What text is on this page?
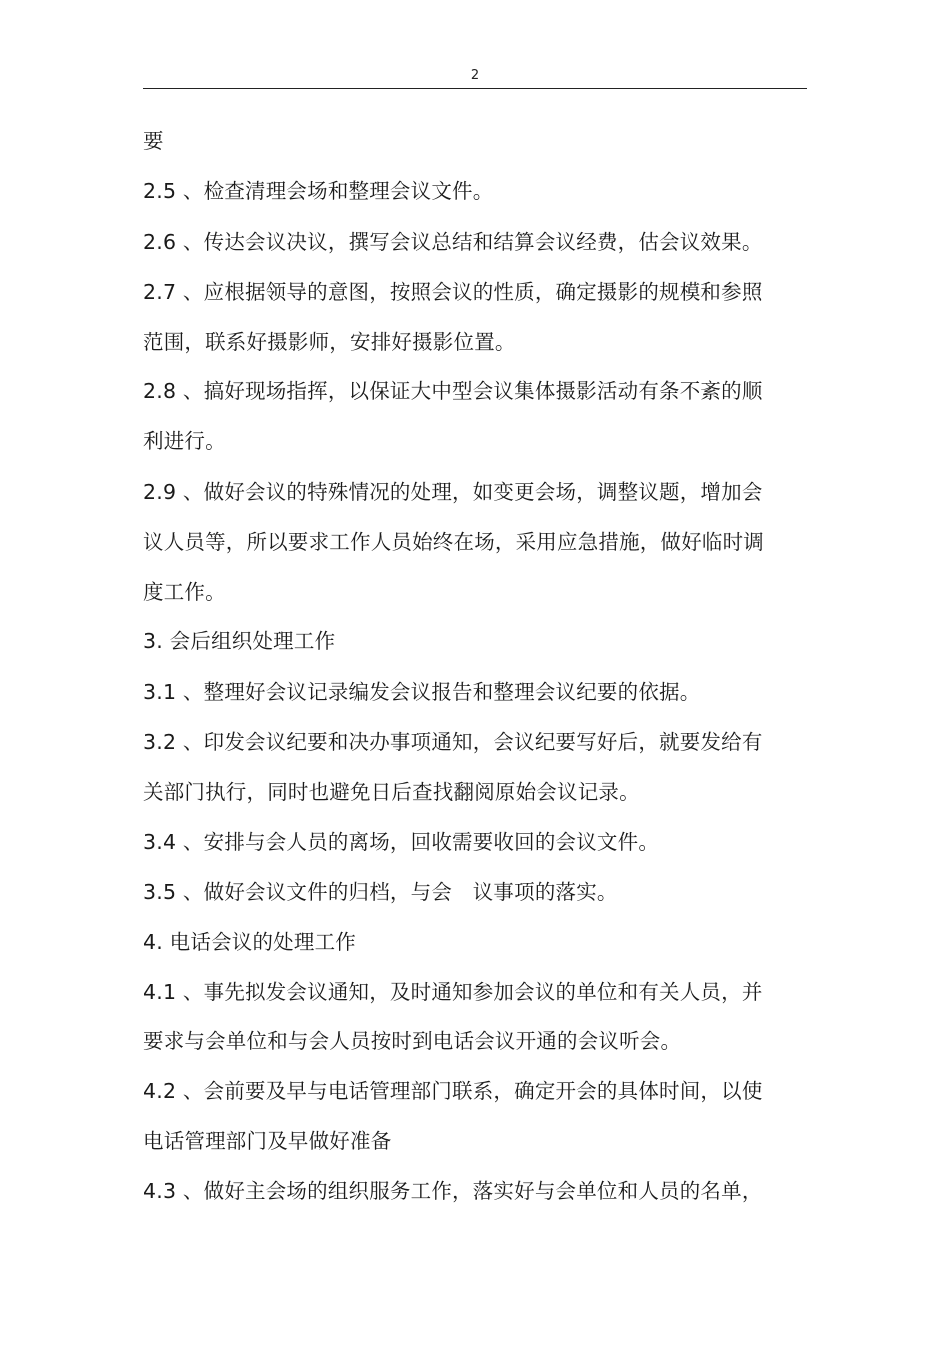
2
要
2.5 、检查清理会场和整理会议文件。
2.6 、传达会议决议，撰写会议总结和结算会议经费，估会议效果。
2.7 、应根据领导的意图，按照会议的性质，确定摄影的规模和参照
范围，联系好摄影师，安排好摄影位置。
2.8 、搞好现场指挥，以保证大中型会议集体摄影活动有条不紊的顺
利进行。
2.9 、做好会议的特殊情况的处理，如变更会场，调整议题，增加会
议人员等，所以要求工作人员始终在场，采用应急措施，做好临时调
度工作。
3. 会后组织处理工作
3.1 、整理好会议记录编发会议报告和整理会议纪要的依据。
3.2 、印发会议纪要和决办事项通知，会议纪要写好后，就要发给有
关部门执行，同时也避免日后查找翻阅原始会议记录。
3.4 、安排与会人员的离场，回收需要收回的会议文件。
3.5 、做好会议文件的归档，与会　议事项的落实。
4. 电话会议的处理工作
4.1 、事先拟发会议通知，及时通知参加会议的单位和有关人员，并
要求与会单位和与会人员按时到电话会议开通的会议听会。
4.2 、会前要及早与电话管理部门联系，确定开会的具体时间，以使
电话管理部门及早做好准备
4.3 、做好主会场的组织服务工作，落实好与会单位和人员的名单，
